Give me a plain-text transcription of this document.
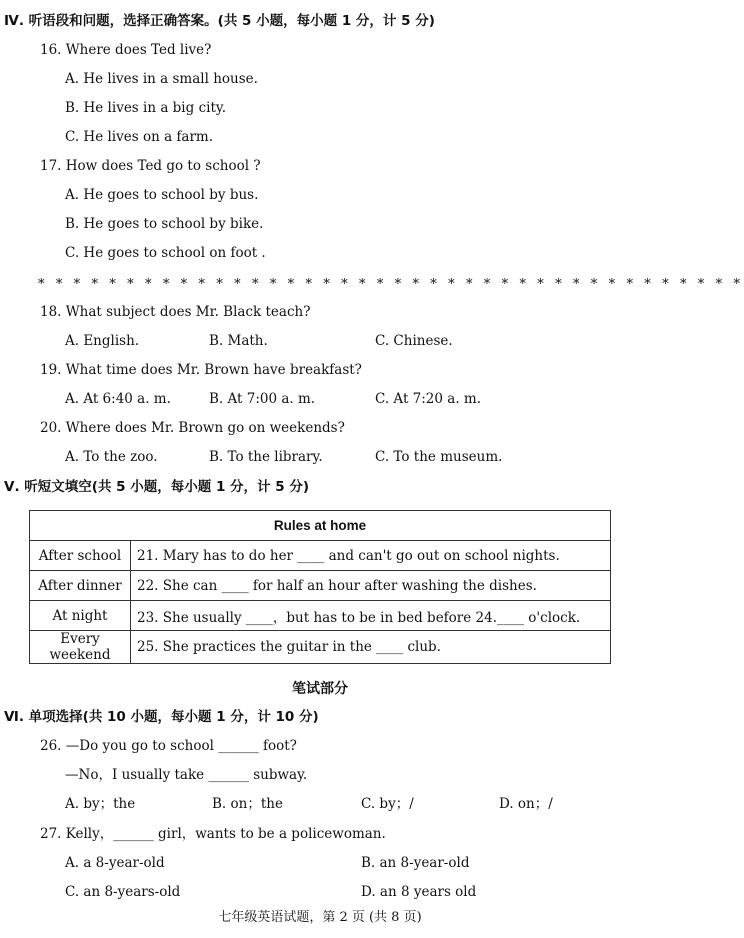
Ⅳ. 听语段和问题，选择正确答案。(共 5 小题，每小题 1 分，计 5 分)
16. Where does Ted live?
A. He lives in a small house.
B. He lives in a big city.
C. He lives on a farm.
17. How does Ted go to school ?
A. He goes to school by bus.
B. He goes to school by bike.
C. He goes to school on foot .
* * * * * * * * * * * * * * * * * * * * * * * * * * * * * * * * * * * * * * * *
18. What subject does Mr. Black teach?
A. English.	B. Math.	C. Chinese.
19. What time does Mr. Brown have breakfast?
A. At 6:40 a. m.	B. At 7:00 a. m.	C. At 7:20 a. m.
20. Where does Mr. Brown go on weekends?
A. To the zoo.	B. To the library.	C. To the museum.
Ⅴ. 听短文填空(共 5 小题，每小题 1 分，计 5 分)
Rules at home	
After school	21. Mary has to do her ____ and can't go out on school nights.
After dinner	22. She can ____ for half an hour after washing the dishes.
At night	23. She usually ____，but has to be in bed before 24.____ o'clock.
Every weekend	25. She practices the guitar in the ____ club.
笔试部分
Ⅵ. 单项选择(共 10 小题，每小题 1 分，计 10 分)
26. —Do you go to school ______ foot?
—No，I usually take ______ subway.
A. by；the	B. on；the	C. by；/	D. on；/
27. Kelly，______ girl，wants to be a policewoman.
A. a 8-year-old	B. an 8-year-old
C. an 8-years-old	D. an 8 years old
七年级英语试题，第 2 页 (共 8 页)
